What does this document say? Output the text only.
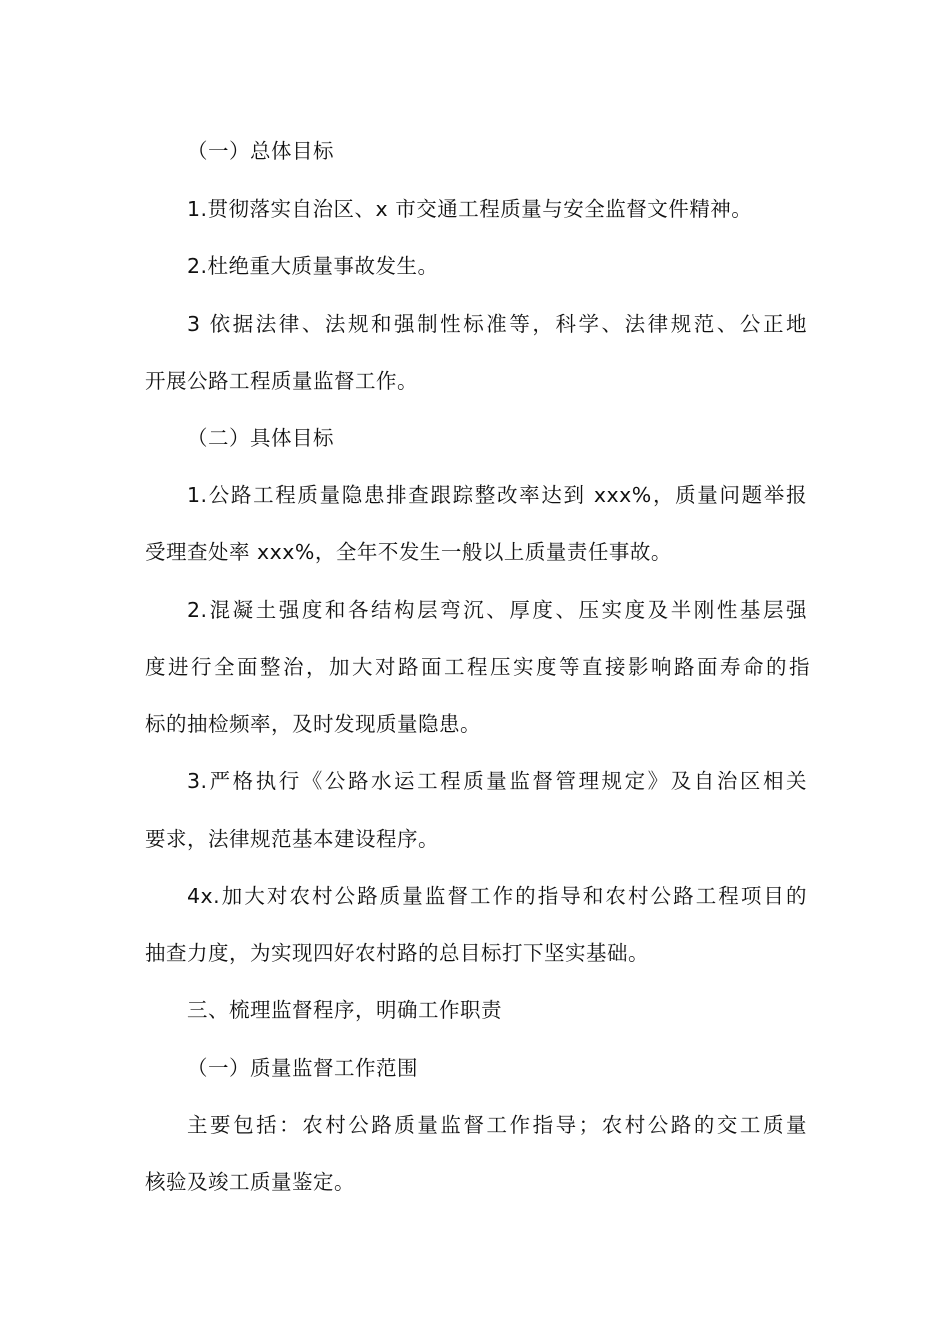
（一）总体目标
1.贯彻落实自治区、x 市交通工程质量与安全监督文件精神。
2.杜绝重大质量事故发生。
3 依据法律、法规和强制性标准等，科学、法律规范、公正地
开展公路工程质量监督工作。
（二）具体目标
1.公路工程质量隐患排查跟踪整改率达到 xxx%，质量问题举报
受理查处率 xxx%，全年不发生一般以上质量责任事故。
2.混凝土强度和各结构层弯沉、厚度、压实度及半刚性基层强
度进行全面整治，加大对路面工程压实度等直接影响路面寿命的指
标的抽检频率，及时发现质量隐患。
3.严格执行《公路水运工程质量监督管理规定》及自治区相关
要求，法律规范基本建设程序。
4x.加大对农村公路质量监督工作的指导和农村公路工程项目的
抽查力度，为实现四好农村路的总目标打下坚实基础。
三、梳理监督程序，明确工作职责
（一）质量监督工作范围
主要包括：农村公路质量监督工作指导；农村公路的交工质量
核验及竣工质量鉴定。
